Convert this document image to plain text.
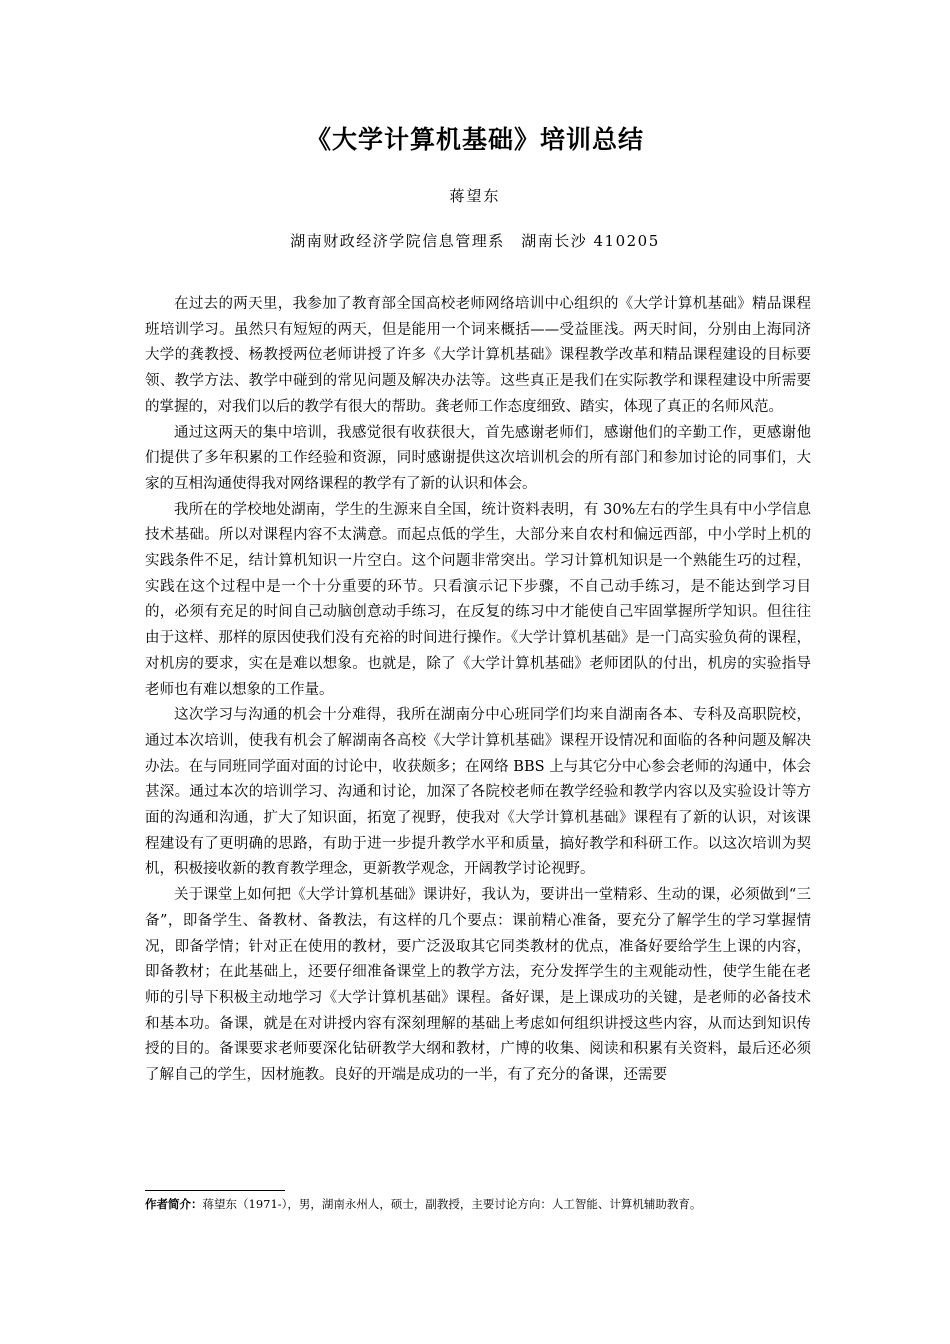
《大学计算机基础》培训总结
蒋望东
湖南财政经济学院信息管理系　湖南长沙 410205

在过去的两天里，我参加了教育部全国高校老师网络培训中心组织的《大学计算机基础》精品课程班培训学习。虽然只有短短的两天，但是能用一个词来概括——受益匪浅。两天时间，分别由上海同济大学的龚教授、杨教授两位老师讲授了许多《大学计算机基础》课程教学改革和精品课程建设的目标要领、教学方法、教学中碰到的常见问题及解决办法等。这些真正是我们在实际教学和课程建设中所需要的掌握的，对我们以后的教学有很大的帮助。龚老师工作态度细致、踏实，体现了真正的名师风范。

通过这两天的集中培训，我感觉很有收获很大，首先感谢老师们，感谢他们的辛勤工作，更感谢他们提供了多年积累的工作经验和资源，同时感谢提供这次培训机会的所有部门和参加讨论的同事们，大家的互相沟通使得我对网络课程的教学有了新的认识和体会。

我所在的学校地处湖南，学生的生源来自全国，统计资料表明，有 30%左右的学生具有中小学信息技术基础。所以对课程内容不太满意。而起点低的学生，大部分来自农村和偏远西部，中小学时上机的实践条件不足，结计算机知识一片空白。这个问题非常突出。学习计算机知识是一个熟能生巧的过程，实践在这个过程中是一个十分重要的环节。只看演示记下步骤，不自己动手练习，是不能达到学习目的，必须有充足的时间自己动脑创意动手练习，在反复的练习中才能使自己牢固掌握所学知识。但往往由于这样、那样的原因使我们没有充裕的时间进行操作。《大学计算机基础》是一门高实验负荷的课程，对机房的要求，实在是难以想象。也就是，除了《大学计算机基础》老师团队的付出，机房的实验指导老师也有难以想象的工作量。

这次学习与沟通的机会十分难得，我所在湖南分中心班同学们均来自湖南各本、专科及高职院校，通过本次培训，使我有机会了解湖南各高校《大学计算机基础》课程开设情况和面临的各种问题及解决办法。在与同班同学面对面的讨论中，收获颇多；在网络 BBS 上与其它分中心参会老师的沟通中，体会甚深。通过本次的培训学习、沟通和讨论，加深了各院校老师在教学经验和教学内容以及实验设计等方面的沟通和沟通，扩大了知识面，拓宽了视野，使我对《大学计算机基础》课程有了新的认识，对该课程建设有了更明确的思路，有助于进一步提升教学水平和质量，搞好教学和科研工作。以这次培训为契机，积极接收新的教育教学理念，更新教学观念，开阔教学讨论视野。

关于课堂上如何把《大学计算机基础》课讲好，我认为，要讲出一堂精彩、生动的课，必须做到“三备”，即备学生、备教材、备教法，有这样的几个要点：课前精心准备，要充分了解学生的学习掌握情况，即备学情；针对正在使用的教材，要广泛汲取其它同类教材的优点，准备好要给学生上课的内容，即备教材；在此基础上，还要仔细准备课堂上的教学方法，充分发挥学生的主观能动性，使学生能在老师的引导下积极主动地学习《大学计算机基础》课程。备好课，是上课成功的关键，是老师的必备技术和基本功。备课，就是在对讲授内容有深刻理解的基础上考虑如何组织讲授这些内容，从而达到知识传授的目的。备课要求老师要深化钻研教学大纲和教材，广博的收集、阅读和积累有关资料，最后还必须了解自己的学生，因材施教。良好的开端是成功的一半，有了充分的备课，还需要

作者简介：蒋望东（1971-），男，湖南永州人，硕士，副教授，主要讨论方向：人工智能、计算机辅助教育。
